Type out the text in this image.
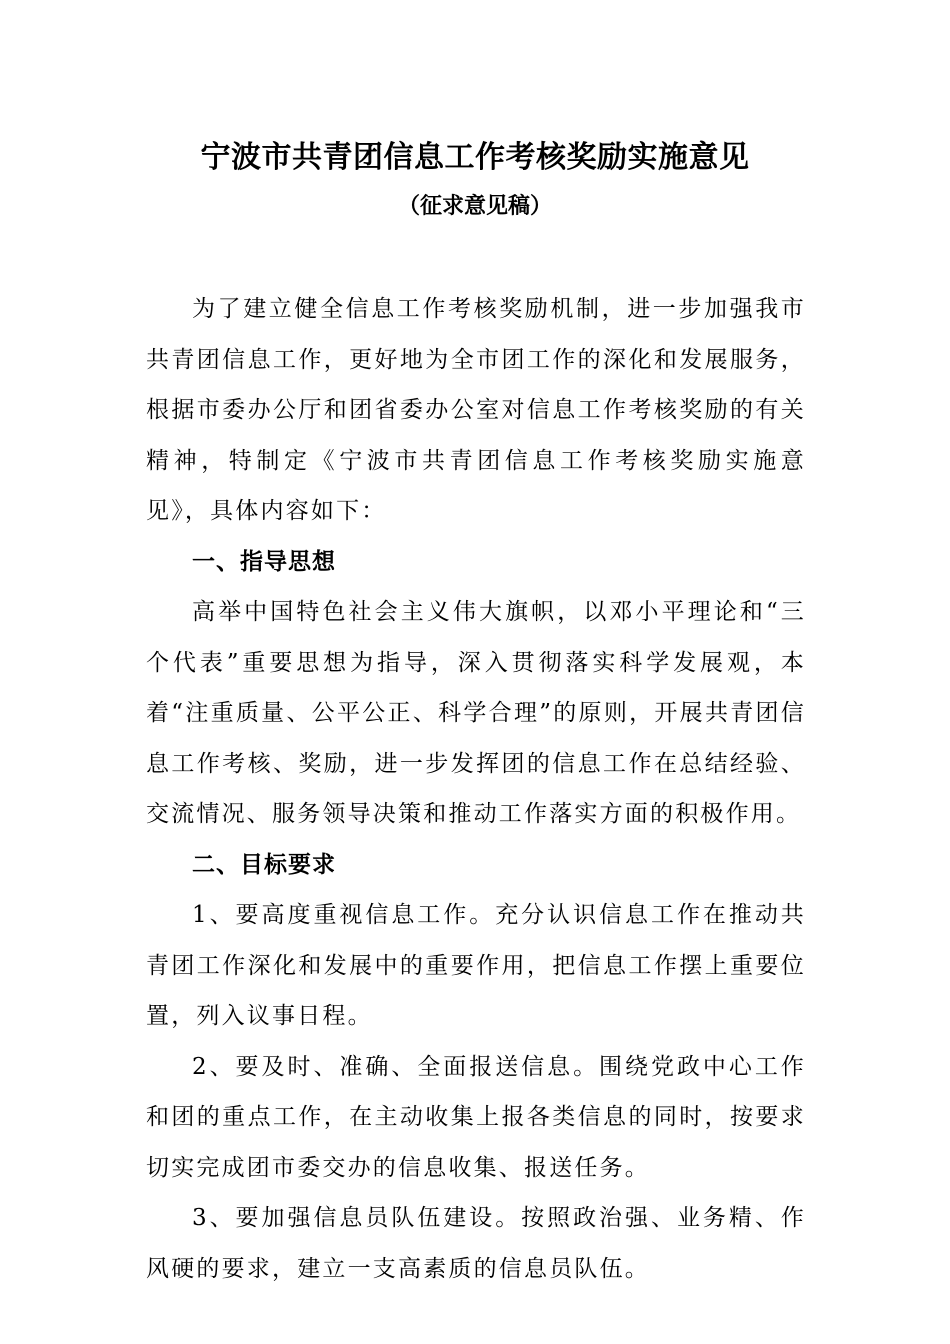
宁波市共青团信息工作考核奖励实施意见
（征求意见稿）

为了建立健全信息工作考核奖励机制，进一步加强我市共青团信息工作，更好地为全市团工作的深化和发展服务，根据市委办公厅和团省委办公室对信息工作考核奖励的有关精神，特制定《宁波市共青团信息工作考核奖励实施意见》，具体内容如下：

一、指导思想

高举中国特色社会主义伟大旗帜，以邓小平理论和“三个代表”重要思想为指导，深入贯彻落实科学发展观，本着“注重质量、公平公正、科学合理”的原则，开展共青团信息工作考核、奖励，进一步发挥团的信息工作在总结经验、交流情况、服务领导决策和推动工作落实方面的积极作用。

二、目标要求

1、要高度重视信息工作。充分认识信息工作在推动共青团工作深化和发展中的重要作用，把信息工作摆上重要位置，列入议事日程。

2、要及时、准确、全面报送信息。围绕党政中心工作和团的重点工作，在主动收集上报各类信息的同时，按要求切实完成团市委交办的信息收集、报送任务。

3、要加强信息员队伍建设。按照政治强、业务精、作风硬的要求，建立一支高素质的信息员队伍。
